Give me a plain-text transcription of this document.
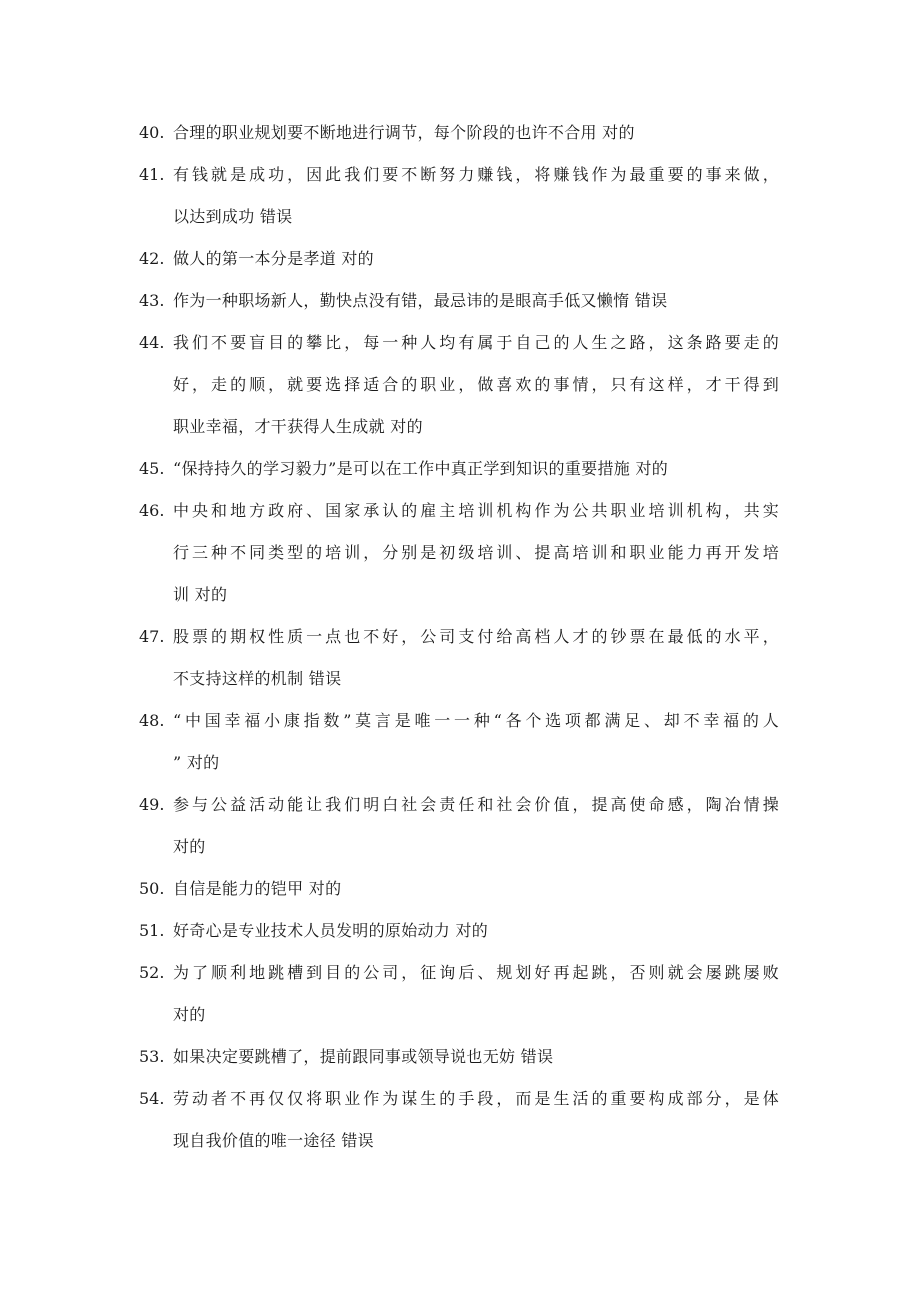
40. 合理的职业规划要不断地进行调节，每个阶段的也许不合用 对的
41. 有钱就是成功，因此我们要不断努力赚钱，将赚钱作为最重要的事来做，
以达到成功 错误
42. 做人的第一本分是孝道 对的
43. 作为一种职场新人，勤快点没有错，最忌讳的是眼高手低又懒惰 错误
44. 我们不要盲目的攀比，每一种人均有属于自己的人生之路，这条路要走的
好，走的顺，就要选择适合的职业，做喜欢的事情，只有这样，才干得到
职业幸福，才干获得人生成就 对的
45. “保持持久的学习毅力”是可以在工作中真正学到知识的重要措施 对的
46. 中央和地方政府、国家承认的雇主培训机构作为公共职业培训机构，共实
行三种不同类型的培训，分别是初级培训、提高培训和职业能力再开发培
训 对的
47. 股票的期权性质一点也不好，公司支付给高档人才的钞票在最低的水平，
不支持这样的机制 错误
48. “中国幸福小康指数”莫言是唯一一种“各个选项都满足、却不幸福的人
” 对的
49. 参与公益活动能让我们明白社会责任和社会价值，提高使命感，陶冶情操
对的
50. 自信是能力的铠甲 对的
51. 好奇心是专业技术人员发明的原始动力 对的
52. 为了顺利地跳槽到目的公司，征询后、规划好再起跳，否则就会屡跳屡败
对的
53. 如果决定要跳槽了，提前跟同事或领导说也无妨 错误
54. 劳动者不再仅仅将职业作为谋生的手段，而是生活的重要构成部分，是体
现自我价值的唯一途径 错误
